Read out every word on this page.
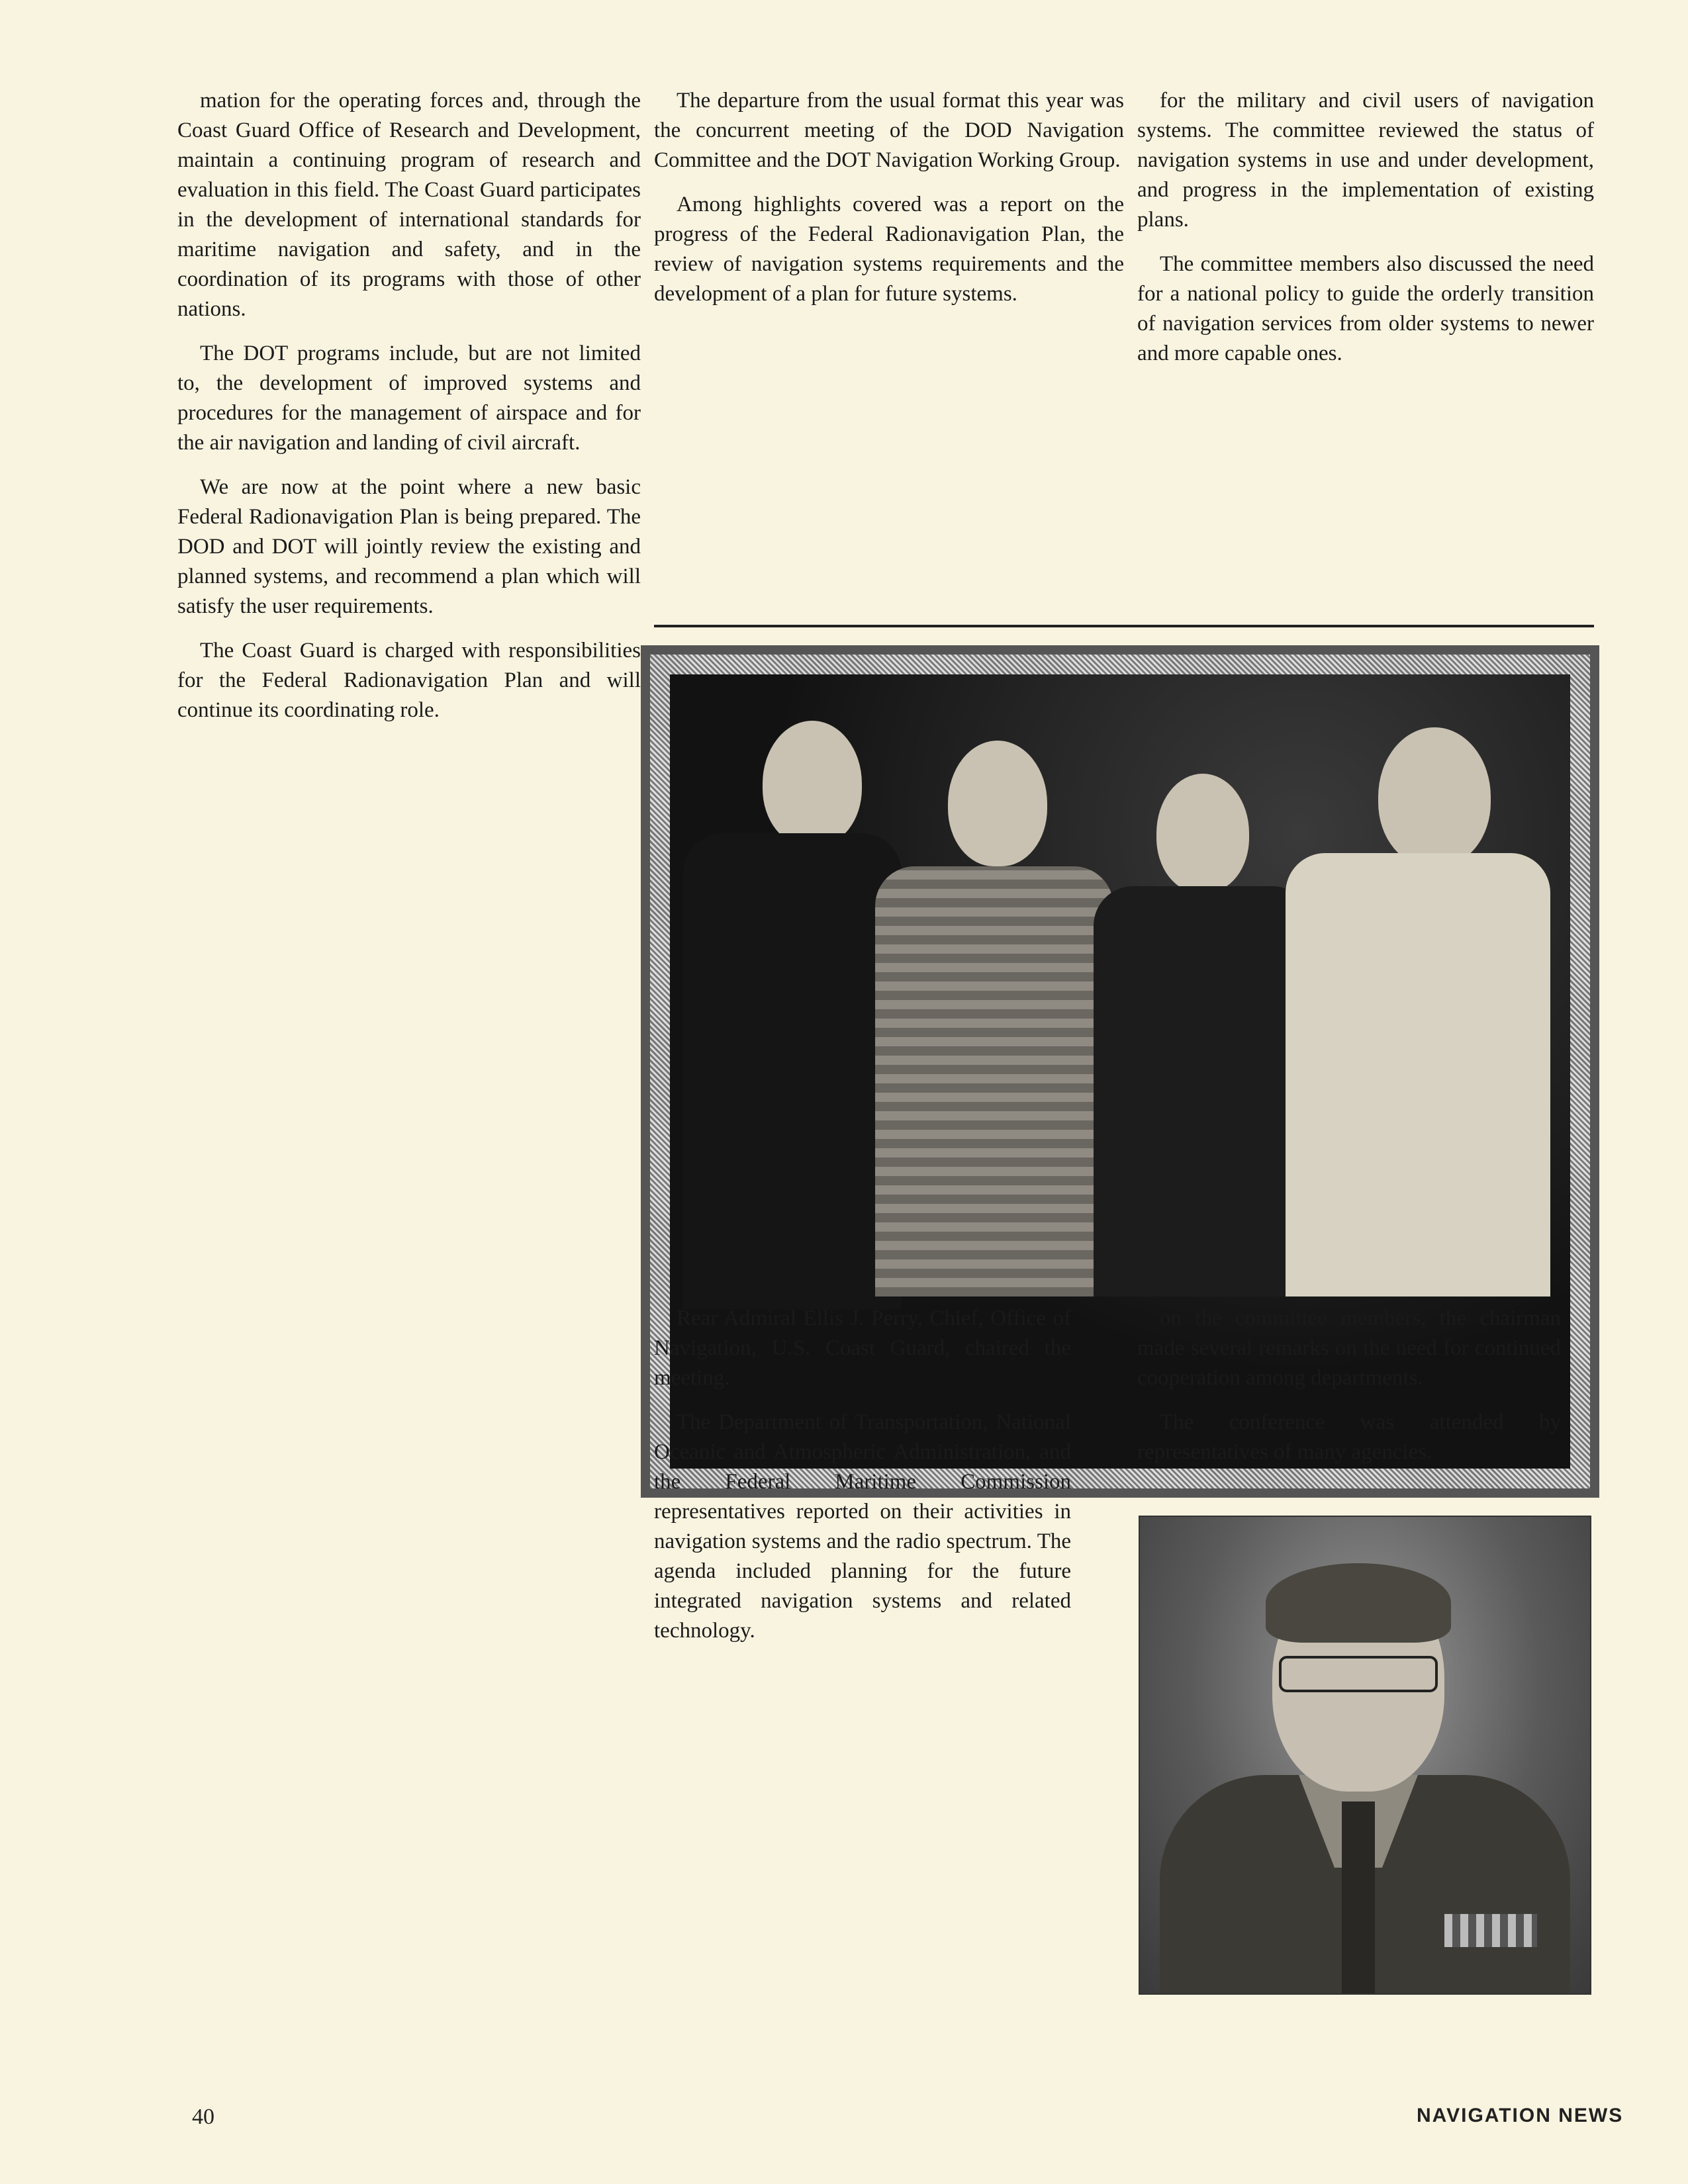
mation for the operating forces and, through the Coast Guard Office of Research and Development, maintain a continuing program of research and evaluation in this field. The Coast Guard participates in the development of international standards for maritime navigation and safety, and in the coordination of its programs with those of other nations.

The DOT programs include, but are not limited to, the development of improved systems and procedures for the management of airspace and for the air navigation and landing of civil aircraft.

We are now at the point where a new basic Federal Radionavigation Plan is being prepared. The DOD and DOT will jointly review the existing and planned systems, and recommend a plan which will satisfy the user requirements.

The Coast Guard is charged with responsibilities for the Federal Radionavigation Plan and will continue its coordinating role.

The departure from the usual format this year was the concurrent meeting of the DOD Navigation Committee and the DOT Navigation Working Group.

Among highlights covered was a report on the progress of the Federal Radionavigation Plan, the review of navigation systems requirements and the development of a plan for future systems.

for the military and civil users of navigation systems. The committee reviewed the status of navigation systems in use and under development, and progress in the implementation of existing plans.

The committee members also discussed the need for a national policy to guide the orderly transition of navigation services from older systems to newer and more capable ones.

Rear Admiral Ellis J. Perry, Chief, Office of Navigation, U.S. Coast Guard, chaired the meeting.

The Department of Transportation, National Oceanic and Atmospheric Administration, and the Federal Maritime Commission representatives reported on their activities in navigation systems and the radio spectrum. The agenda included planning for the future integrated navigation systems and related technology.

on the committee members, the chairman made several remarks on the need for continued cooperation among departments.

The conference was attended by representatives of many agencies.

40	NAVIGATION NEWS
